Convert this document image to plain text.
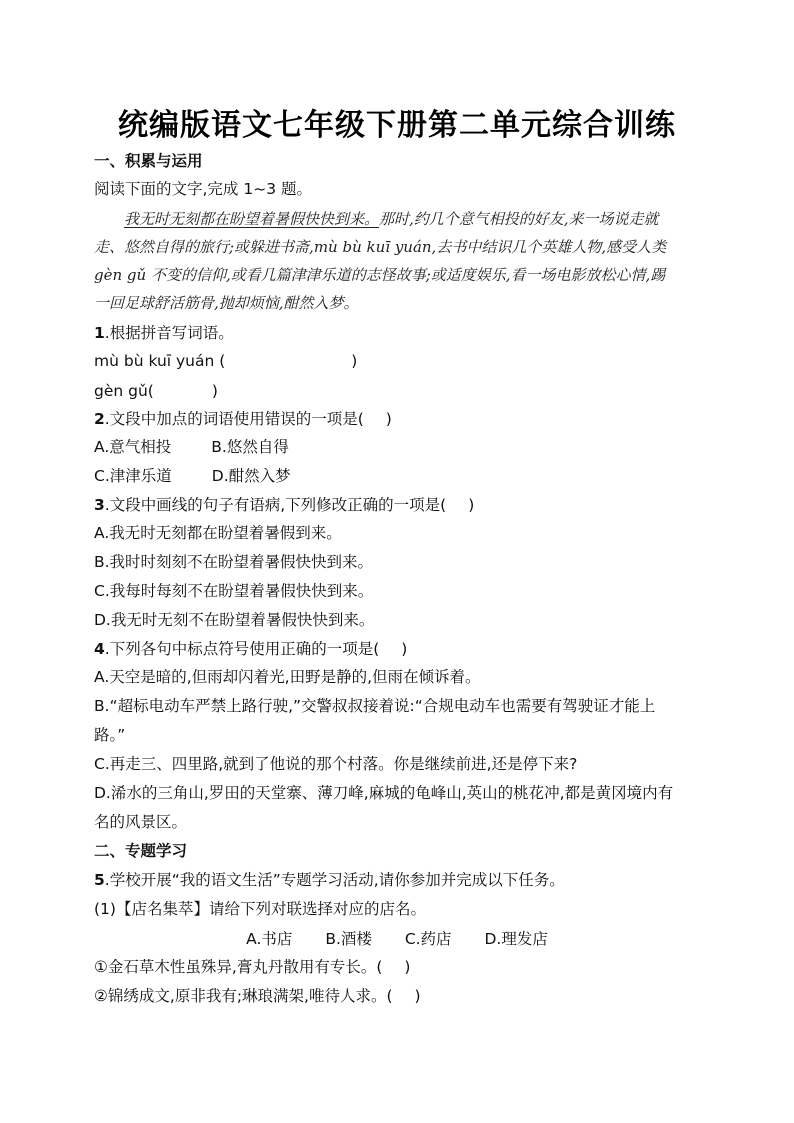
统编版语文七年级下册第二单元综合训练
一、积累与运用
阅读下面的文字,完成 1~3 题。
我无时无刻都在盼望着暑假快快到来。那时,约几个意气相投的好友,来一场说走就
走、悠然自得的旅行;或躲进书斋,mù bù kuī yuán,去书中结识几个英雄人物,感受人类
gèn gǔ 不变的信仰,或看几篇津津乐道的志怪故事;或适度娱乐,看一场电影放松心情,踢
一回足球舒活筋骨,抛却烦恼,酣然入梦。
1.根据拼音写词语。
mù bù kuī yuán (	)
gèn gǔ(	)
2.文段中加点的词语使用错误的一项是( )
A.意气相投	B.悠然自得
C.津津乐道	D.酣然入梦
3.文段中画线的句子有语病,下列修改正确的一项是( )
A.我无时无刻都在盼望着暑假到来。
B.我时时刻刻不在盼望着暑假快快到来。
C.我每时每刻不在盼望着暑假快快到来。
D.我无时无刻不在盼望着暑假快快到来。
4.下列各句中标点符号使用正确的一项是( )
A.天空是暗的,但雨却闪着光,田野是静的,但雨在倾诉着。
B.“超标电动车严禁上路行驶,”交警叔叔接着说:“合规电动车也需要有驾驶证才能上
路。”
C.再走三、四里路,就到了他说的那个村落。你是继续前进,还是停下来?
D.浠水的三角山,罗田的天堂寨、薄刀峰,麻城的龟峰山,英山的桃花冲,都是黄冈境内有
名的风景区。
二、专题学习
5.学校开展“我的语文生活”专题学习活动,请你参加并完成以下任务。
(1)【店名集萃】请给下列对联选择对应的店名。
A.书店 B.酒楼 C.药店 D.理发店
①金石草木性虽殊异,膏丸丹散用有专长。( )
②锦绣成文,原非我有;琳琅满架,唯待人求。( )
